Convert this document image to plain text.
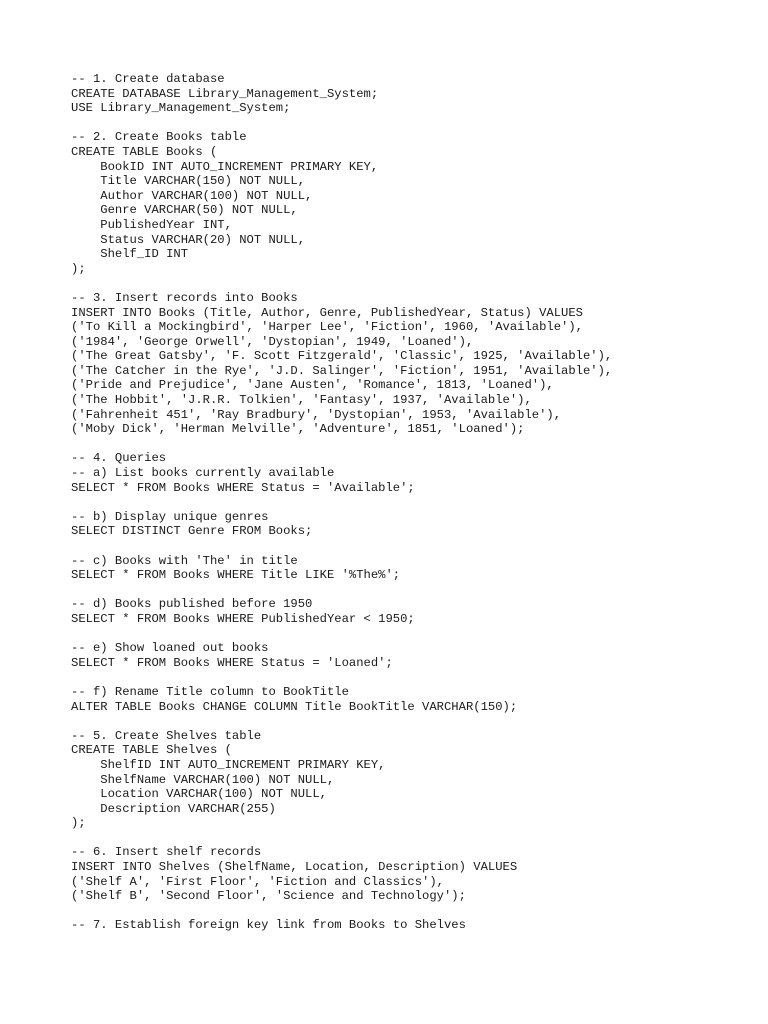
-- 1. Create database
CREATE DATABASE Library_Management_System;
USE Library_Management_System;
-- 2. Create Books table
CREATE TABLE Books (
BookID INT AUTO_INCREMENT PRIMARY KEY,
Title VARCHAR(150) NOT NULL,
Author VARCHAR(100) NOT NULL,
Genre VARCHAR(50) NOT NULL,
PublishedYear INT,
Status VARCHAR(20) NOT NULL,
Shelf_ID INT
);
-- 3. Insert records into Books
INSERT INTO Books (Title, Author, Genre, PublishedYear, Status) VALUES
('To Kill a Mockingbird', 'Harper Lee', 'Fiction', 1960, 'Available'),
('1984', 'George Orwell', 'Dystopian', 1949, 'Loaned'),
('The Great Gatsby', 'F. Scott Fitzgerald', 'Classic', 1925, 'Available'),
('The Catcher in the Rye', 'J.D. Salinger', 'Fiction', 1951, 'Available'),
('Pride and Prejudice', 'Jane Austen', 'Romance', 1813, 'Loaned'),
('The Hobbit', 'J.R.R. Tolkien', 'Fantasy', 1937, 'Available'),
('Fahrenheit 451', 'Ray Bradbury', 'Dystopian', 1953, 'Available'),
('Moby Dick', 'Herman Melville', 'Adventure', 1851, 'Loaned');
-- 4. Queries
-- a) List books currently available
SELECT * FROM Books WHERE Status = 'Available';
-- b) Display unique genres
SELECT DISTINCT Genre FROM Books;
-- c) Books with 'The' in title
SELECT * FROM Books WHERE Title LIKE '%The%';
-- d) Books published before 1950
SELECT * FROM Books WHERE PublishedYear < 1950;
-- e) Show loaned out books
SELECT * FROM Books WHERE Status = 'Loaned';
-- f) Rename Title column to BookTitle
ALTER TABLE Books CHANGE COLUMN Title BookTitle VARCHAR(150);
-- 5. Create Shelves table
CREATE TABLE Shelves (
ShelfID INT AUTO_INCREMENT PRIMARY KEY,
ShelfName VARCHAR(100) NOT NULL,
Location VARCHAR(100) NOT NULL,
Description VARCHAR(255)
);
-- 6. Insert shelf records
INSERT INTO Shelves (ShelfName, Location, Description) VALUES
('Shelf A', 'First Floor', 'Fiction and Classics'),
('Shelf B', 'Second Floor', 'Science and Technology');
-- 7. Establish foreign key link from Books to Shelves
